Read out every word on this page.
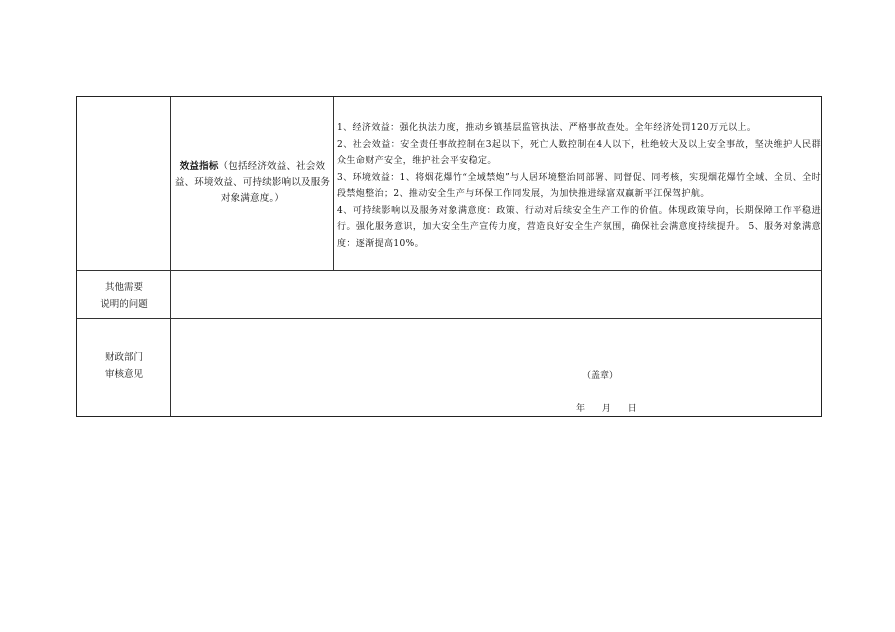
效益指标（包括经济效益、社会效益、环境效益、可持续影响以及服务对象满意度。）

1、经济效益：强化执法力度，推动乡镇基层监管执法、严格事故查处。全年经济处罚120万元以上。

2、社会效益：安全责任事故控制在3起以下，死亡人数控制在4人以下，杜绝较大及以上安全事故，坚决维护人民群众生命财产安全，维护社会平安稳定。

3、环境效益：1、将烟花爆竹“全域禁炮”与人居环境整治同部署、同督促、同考核，实现烟花爆竹全域、全员、全时段禁炮整治；2、推动安全生产与环保工作同发展，为加快推进绿富双赢新平江保驾护航。

4、可持续影响以及服务对象满意度：政策、行动对后续安全生产工作的价值。体现政策导向，长期保障工作平稳进行。强化服务意识，加大安全生产宣传力度，营造良好安全生产氛围，确保社会满意度持续提升。 5、服务对象满意度：逐渐提高10%。

其他需要
说明的问题
财政部门
审核意见	（盖章）
年 月 日
